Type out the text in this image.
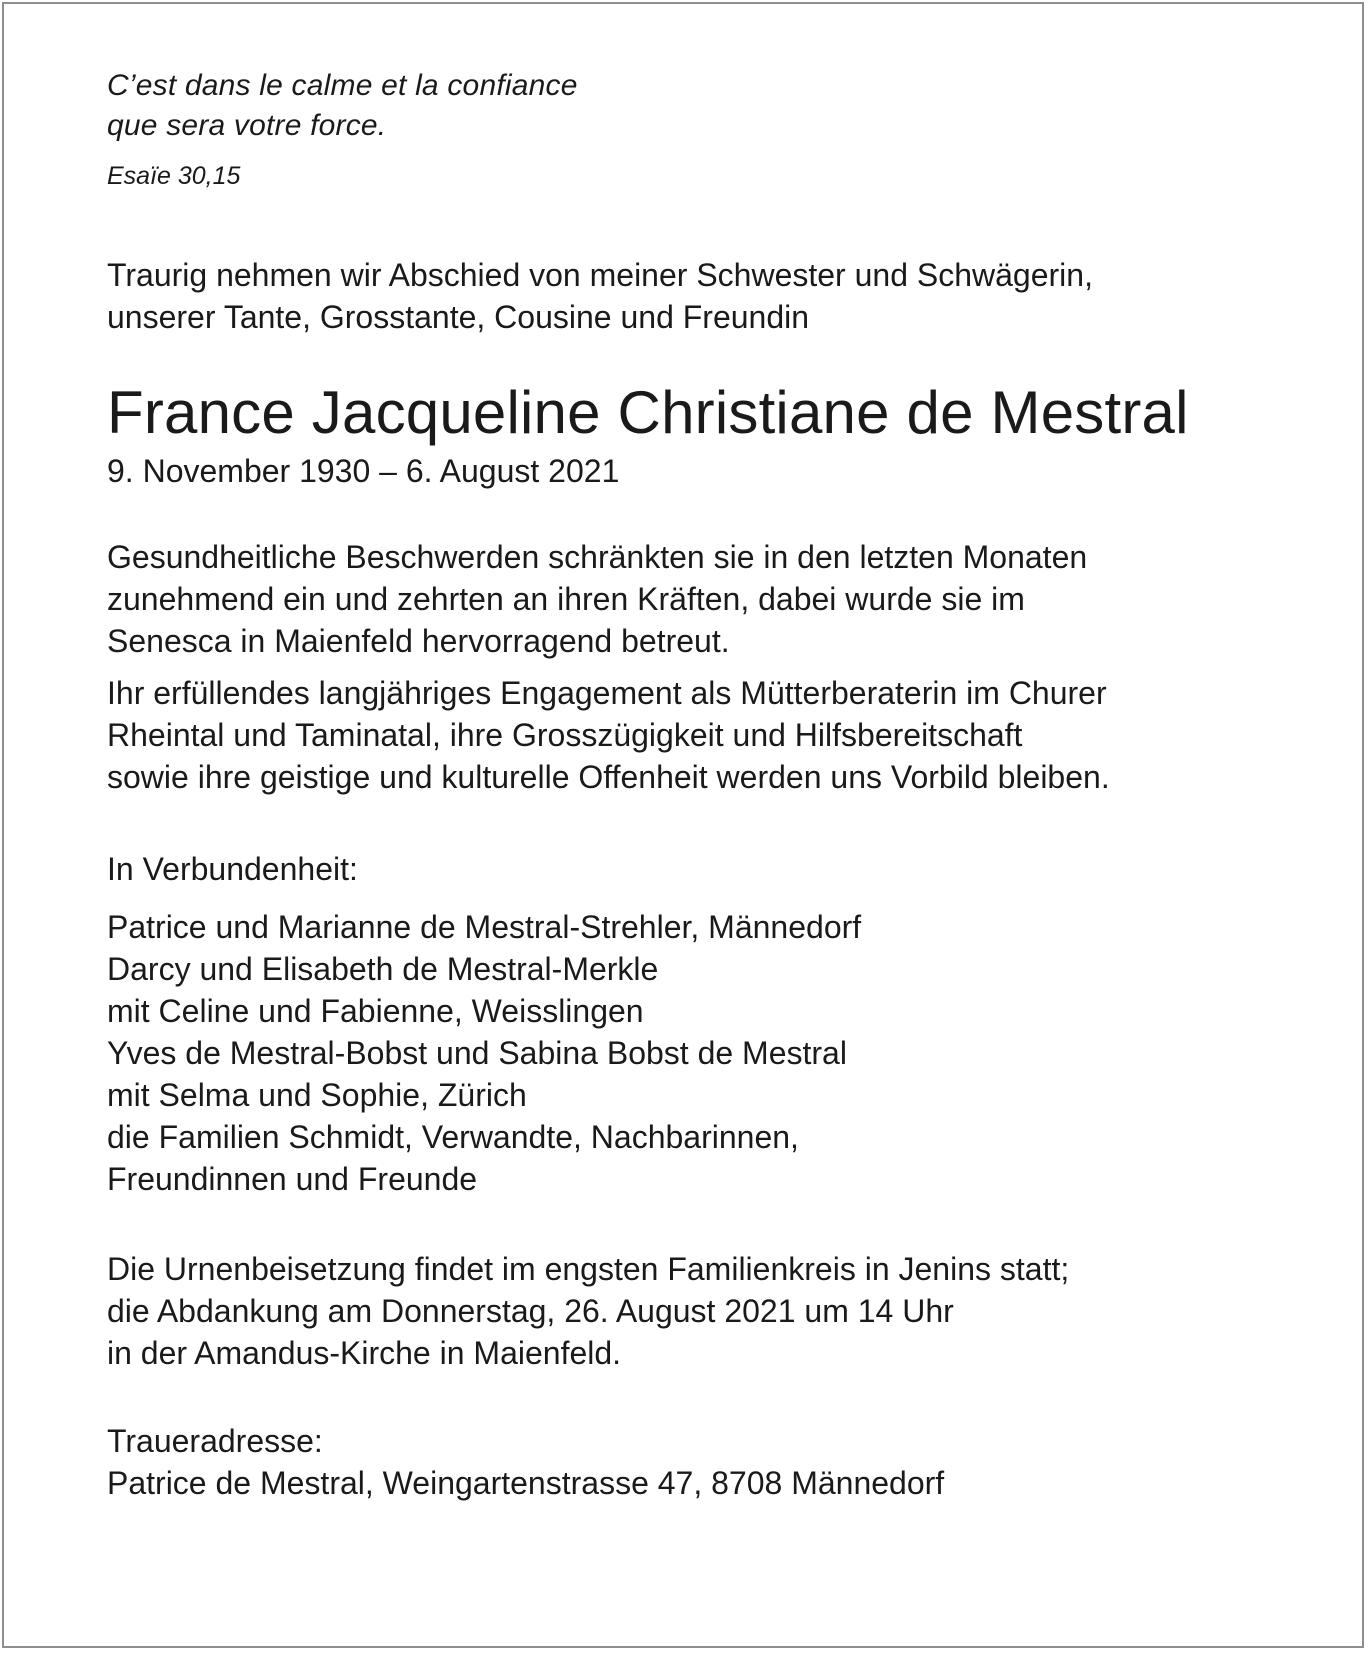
C’est dans le calme et la confiance
que sera votre force.
Esaïe 30,15
Traurig nehmen wir Abschied von meiner Schwester und Schwägerin,
unserer Tante, Grosstante, Cousine und Freundin
France Jacqueline Christiane de Mestral
9. November 1930 – 6. August 2021
Gesundheitliche Beschwerden schränkten sie in den letzten Monaten
zunehmend ein und zehrten an ihren Kräften, dabei wurde sie im
Senesca in Maienfeld hervorragend betreut.
Ihr erfüllendes langjähriges Engagement als Mütterberaterin im Churer
Rheintal und Taminatal, ihre Grosszügigkeit und Hilfsbereitschaft
sowie ihre geistige und kulturelle Offenheit werden uns Vorbild bleiben.
In Verbundenheit:
Patrice und Marianne de Mestral-Strehler, Männedorf
Darcy und Elisabeth de Mestral-Merkle
mit Celine und Fabienne, Weisslingen
Yves de Mestral-Bobst und Sabina Bobst de Mestral
mit Selma und Sophie, Zürich
die Familien Schmidt, Verwandte, Nachbarinnen,
Freundinnen und Freunde
Die Urnenbeisetzung findet im engsten Familienkreis in Jenins statt;
die Abdankung am Donnerstag, 26. August 2021 um 14 Uhr
in der Amandus-Kirche in Maienfeld.
Traueradresse:
Patrice de Mestral, Weingartenstrasse 47, 8708 Männedorf
